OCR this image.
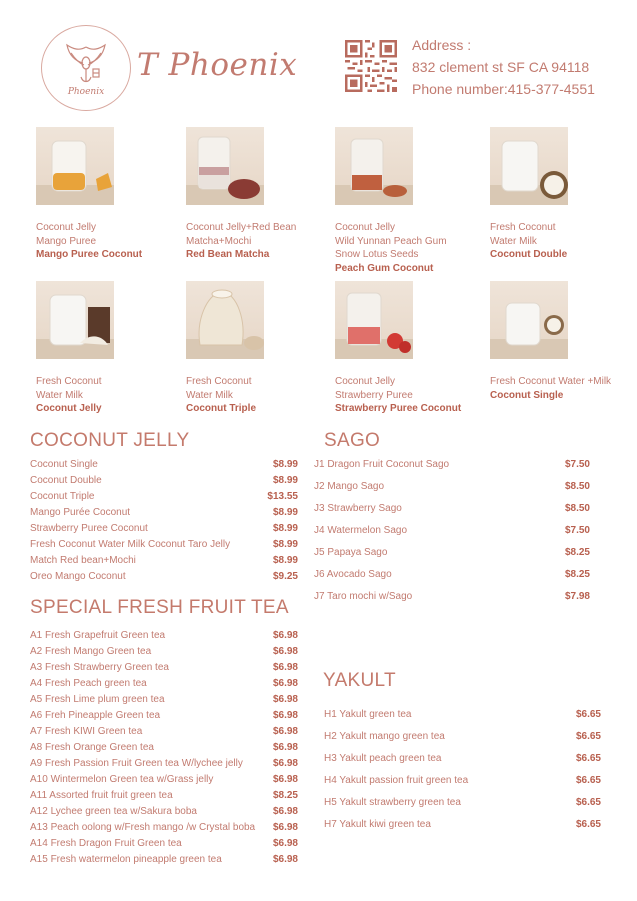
Phoenix
T Phoenix
Address :
832 clement st SF CA 94118
Phone number:415-377-4551
Coconut Jelly
Mango Puree
Mango Puree Coconut
Coconut Jelly+Red Bean
Matcha+Mochi
Red Bean Matcha
Coconut Jelly
Wild Yunnan Peach Gum
Snow Lotus Seeds
Peach Gum Coconut
Fresh Coconut
Water Milk
Coconut Double
Fresh Coconut
Water Milk
Coconut Jelly
Fresh Coconut
Water Milk
Coconut Triple
Coconut Jelly
Strawberry Puree
Strawberry Puree Coconut
Fresh Coconut Water +Milk
Coconut Single
COCONUT JELLY
Coconut Single	$8.99
Coconut Double	$8.99
Coconut Triple	$13.55
Mango Purée Coconut	$8.99
Strawberry Puree Coconut	$8.99
Fresh Coconut Water Milk Coconut Taro Jelly	$8.99
Match Red bean+Mochi	$8.99
Oreo Mango Coconut	$9.25
SPECIAL FRESH FRUIT TEA
A1 Fresh Grapefruit Green tea	$6.98
A2 Fresh Mango Green tea	$6.98
A3 Fresh Strawberry Green tea	$6.98
A4 Fresh Peach green tea	$6.98
A5 Fresh Lime plum green tea	$6.98
A6 Freh Pineapple Green tea	$6.98
A7 Fresh KIWI Green tea	$6.98
A8 Fresh Orange Green tea	$6.98
A9 Fresh Passion Fruit Green tea W/lychee jelly	$6.98
A10 Wintermelon Green tea w/Grass jelly	$6.98
A11 Assorted fruit fruit green tea	$8.25
A12 Lychee green tea w/Sakura boba	$6.98
A13 Peach oolong w/Fresh mango /w Crystal boba $6.98
A14 Fresh Dragon Fruit Green tea	$6.98
A15 Fresh watermelon pineapple green tea	$6.98
SAGO
J1 Dragon Fruit Coconut Sago	$7.50
J2 Mango Sago	$8.50
J3 Strawberry Sago	$8.50
J4 Watermelon Sago	$7.50
J5 Papaya Sago	$8.25
J6 Avocado Sago	$8.25
J7 Taro mochi w/Sago	$7.98
YAKULT
H1 Yakult green tea	$6.65
H2 Yakult mango green tea	$6.65
H3 Yakult peach green tea	$6.65
H4 Yakult passion fruit green tea	$6.65
H5 Yakult strawberry green tea	$6.65
H7 Yakult kiwi green tea	$6.65
